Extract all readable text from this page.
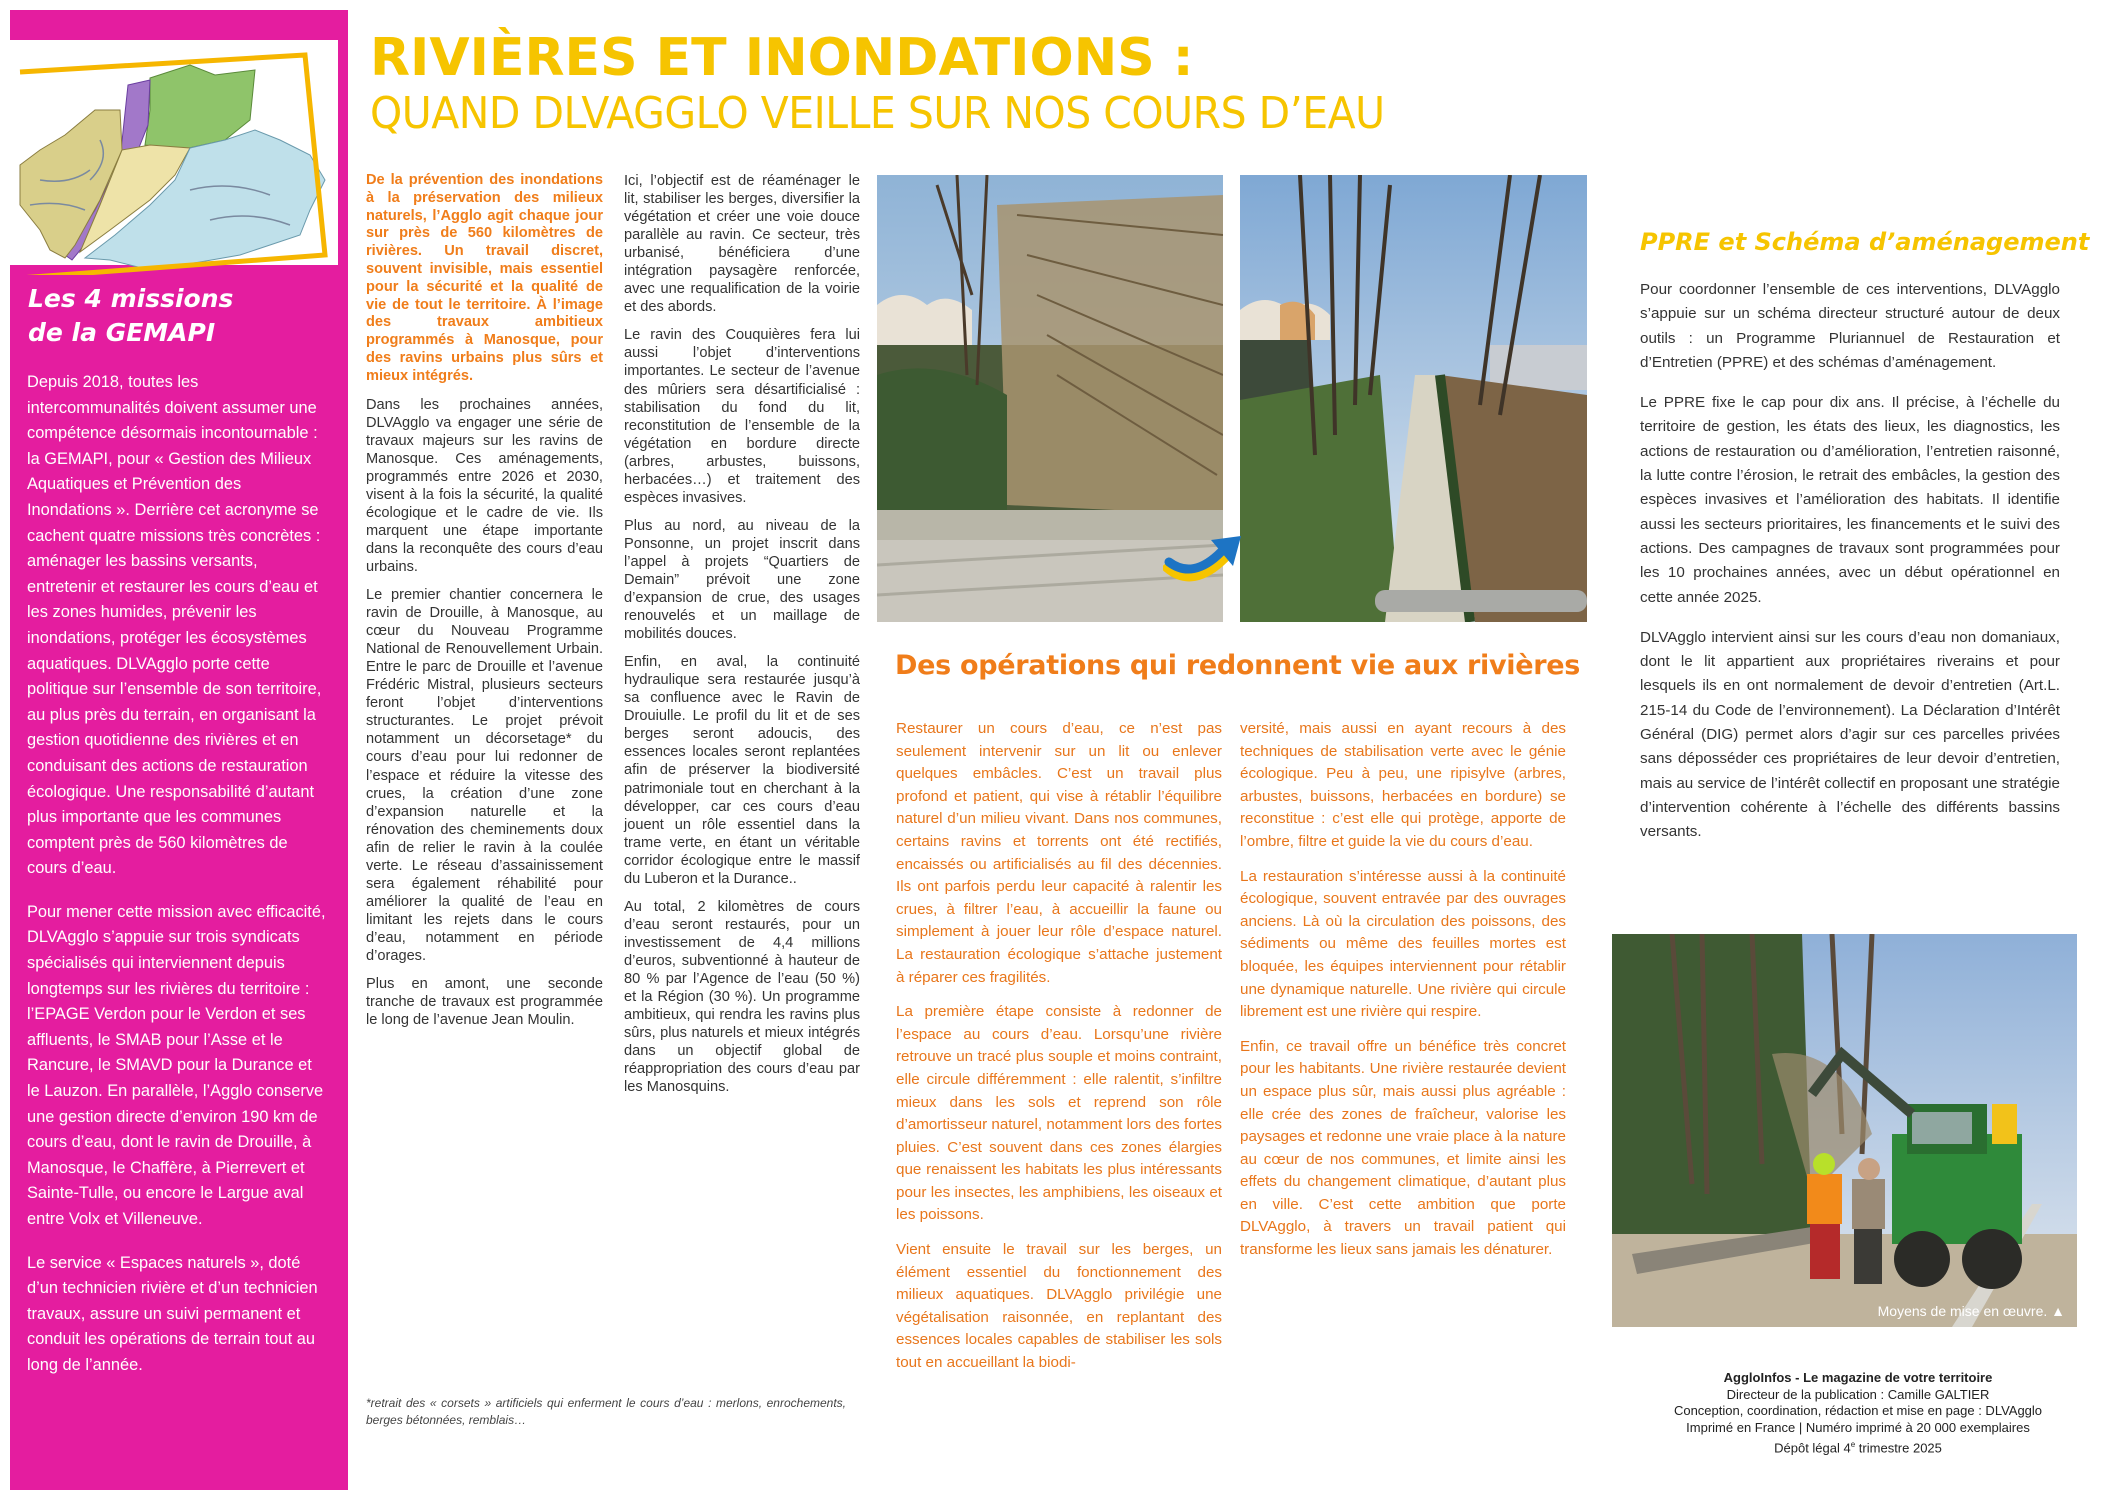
Les 4 missions
de la GEMAPI

Depuis 2018, toutes les intercommunalités doivent assumer une compétence désormais incontournable : la GEMAPI, pour « Gestion des Milieux Aquatiques et Prévention des Inondations ». Derrière cet acronyme se cachent quatre missions très concrètes : aménager les bassins versants, entretenir et restaurer les cours d’eau et les zones humides, prévenir les inondations, protéger les écosystèmes aquatiques. DLVAgglo porte cette politique sur l’ensemble de son territoire, au plus près du terrain, en organisant la gestion quotidienne des rivières et en conduisant des actions de restauration écologique. Une responsabilité d’autant plus importante que les communes comptent près de 560 kilomètres de cours d’eau.

Pour mener cette mission avec efficacité, DLVAgglo s’appuie sur trois syndicats spécialisés qui interviennent depuis longtemps sur les rivières du territoire : l’EPAGE Verdon pour le Verdon et ses affluents, le SMAB pour l’Asse et le Rancure, le SMAVD pour la Durance et le Lauzon. En parallèle, l’Agglo conserve une gestion directe d’environ 190 km de cours d’eau, dont le ravin de Drouille, à Manosque, le Chaffère, à Pierrevert et Sainte-Tulle, ou encore le Largue aval entre Volx et Villeneuve.

Le service « Espaces naturels », doté d’un technicien rivière et d’un technicien travaux, assure un suivi permanent et conduit les opérations de terrain tout au long de l’année.

RIVIÈRES ET INONDATIONS :
QUAND DLVAGGLO VEILLE SUR NOS COURS D’EAU

De la prévention des inondations à la préservation des milieux naturels, l’Agglo agit chaque jour sur près de 560 kilomètres de rivières. Un travail discret, souvent invisible, mais essentiel pour la sécurité et la qualité de vie de tout le territoire. À l’image des travaux ambitieux programmés à Manosque, pour des ravins urbains plus sûrs et mieux intégrés.

Dans les prochaines années, DLVAgglo va engager une série de travaux majeurs sur les ravins de Manosque. Ces aménagements, programmés entre 2026 et 2030, visent à la fois la sécurité, la qualité écologique et le cadre de vie. Ils marquent une étape importante dans la reconquête des cours d’eau urbains.

Le premier chantier concernera le ravin de Drouille, à Manosque, au cœur du Nouveau Programme National de Renouvellement Urbain. Entre le parc de Drouille et l’avenue Frédéric Mistral, plusieurs secteurs feront l’objet d’interventions structurantes. Le projet prévoit notamment un décorsetage* du cours d’eau pour lui redonner de l’espace et réduire la vitesse des crues, la création d’une zone d’expansion naturelle et la rénovation des cheminements doux afin de relier le ravin à la coulée verte. Le réseau d’assainissement sera également réhabilité pour améliorer la qualité de l’eau en limitant les rejets dans le cours d’eau, notamment en période d’orages.

Plus en amont, une seconde tranche de travaux est programmée le long de l’avenue Jean Moulin.

Ici, l’objectif est de réaménager le lit, stabiliser les berges, diversifier la végétation et créer une voie douce parallèle au ravin. Ce secteur, très urbanisé, bénéficiera d’une intégration paysagère renforcée, avec une requalification de la voirie et des abords.

Le ravin des Couquières fera lui aussi l’objet d’interventions importantes. Le secteur de l’avenue des mûriers sera désartificialisé : stabilisation du fond du lit, reconstitution de l’ensemble de la végétation en bordure directe (arbres, arbustes, buissons, herbacées…) et traitement des espèces invasives.

Plus au nord, au niveau de la Ponsonne, un projet inscrit dans l’appel à projets “Quartiers de Demain” prévoit une zone d’expansion de crue, des usages renouvelés et un maillage de mobilités douces.

Enfin, en aval, la continuité hydraulique sera restaurée jusqu’à sa confluence avec le Ravin de Drouiulle. Le profil du lit et de ses berges seront adoucis, des essences locales seront replantées afin de préserver la biodiversité patrimoniale tout en cherchant à la développer, car ces cours d’eau jouent un rôle essentiel dans la trame verte, en étant un véritable corridor écologique entre le massif du Luberon et la Durance..

Au total, 2 kilomètres de cours d’eau seront restaurés, pour un investissement de 4,4 millions d’euros, subventionné à hauteur de 80 % par l’Agence de l’eau (50 %) et la Région (30 %). Un programme ambitieux, qui rendra les ravins plus sûrs, plus naturels et mieux intégrés dans un objectif global de réappropriation des cours d’eau par les Manosquins.

*retrait des « corsets » artificiels qui enferment le cours d’eau : merlons, enrochements, berges bétonnées, remblais…
Des opérations qui redonnent vie aux rivières

Restaurer un cours d’eau, ce n’est pas seulement intervenir sur un lit ou enlever quelques embâcles. C’est un travail plus profond et patient, qui vise à rétablir l’équilibre naturel d’un milieu vivant. Dans nos communes, certains ravins et torrents ont été rectifiés, encaissés ou artificialisés au fil des décennies. Ils ont parfois perdu leur capacité à ralentir les crues, à filtrer l’eau, à accueillir la faune ou simplement à jouer leur rôle d’espace naturel. La restauration écologique s’attache justement à réparer ces fragilités.

La première étape consiste à redonner de l’espace au cours d’eau. Lorsqu’une rivière retrouve un tracé plus souple et moins contraint, elle circule différemment : elle ralentit, s’infiltre mieux dans les sols et reprend son rôle d’amortisseur naturel, notamment lors des fortes pluies. C’est souvent dans ces zones élargies que renaissent les habitats les plus intéressants pour les insectes, les amphibiens, les oiseaux et les poissons.

Vient ensuite le travail sur les berges, un élément essentiel du fonctionnement des milieux aquatiques. DLVAgglo privilégie une végétalisation raisonnée, en replantant des essences locales capables de stabiliser les sols tout en accueillant la biodi-

versité, mais aussi en ayant recours à des techniques de stabilisation verte avec le génie écologique. Peu à peu, une ripisylve (arbres, arbustes, buissons, herbacées en bordure) se reconstitue : c’est elle qui protège, apporte de l’ombre, filtre et guide la vie du cours d’eau.

La restauration s’intéresse aussi à la continuité écologique, souvent entravée par des ouvrages anciens. Là où la circulation des poissons, des sédiments ou même des feuilles mortes est bloquée, les équipes interviennent pour rétablir une dynamique naturelle. Une rivière qui circule librement est une rivière qui respire.

Enfin, ce travail offre un bénéfice très concret pour les habitants. Une rivière restaurée devient un espace plus sûr, mais aussi plus agréable : elle crée des zones de fraîcheur, valorise les paysages et redonne une vraie place à la nature au cœur de nos communes, et limite ainsi les effets du changement climatique, d’autant plus en ville. C’est cette ambition que porte DLVAgglo, à travers un travail patient qui transforme les lieux sans jamais les dénaturer.

PPRE et Schéma d’aménagement

Pour coordonner l’ensemble de ces interventions, DLVAgglo s’appuie sur un schéma directeur structuré autour de deux outils : un Programme Pluriannuel de Restauration et d’Entretien (PPRE) et des schémas d’aménagement.

Le PPRE fixe le cap pour dix ans. Il précise, à l’échelle du territoire de gestion, les états des lieux, les diagnostics, les actions de restauration ou d’amélioration, l’entretien raisonné, la lutte contre l’érosion, le retrait des embâcles, la gestion des espèces invasives et l’amélioration des habitats. Il identifie aussi les secteurs prioritaires, les financements et le suivi des actions. Des campagnes de travaux sont programmées pour les 10 prochaines années, avec un début opérationnel en cette année 2025.

DLVAgglo intervient ainsi sur les cours d’eau non domaniaux, dont le lit appartient aux propriétaires riverains et pour lesquels ils en ont normalement de devoir d’entretien (Art.L. 215-14 du Code de l’environnement). La Déclaration d’Intérêt Général (DIG) permet alors d’agir sur ces parcelles privées sans déposséder ces propriétaires de leur devoir d’entretien, mais au service de l’intérêt collectif en proposant une stratégie d’intervention cohérente à l’échelle des différents bassins versants.

Moyens de mise en œuvre. ▲
AggloInfos - Le magazine de votre territoire
Directeur de la publication : Camille GALTIER
Conception, coordination, rédaction et mise en page : DLVAgglo
Imprimé en France | Numéro imprimé à 20 000 exemplaires
Dépôt légal 4e trimestre 2025
